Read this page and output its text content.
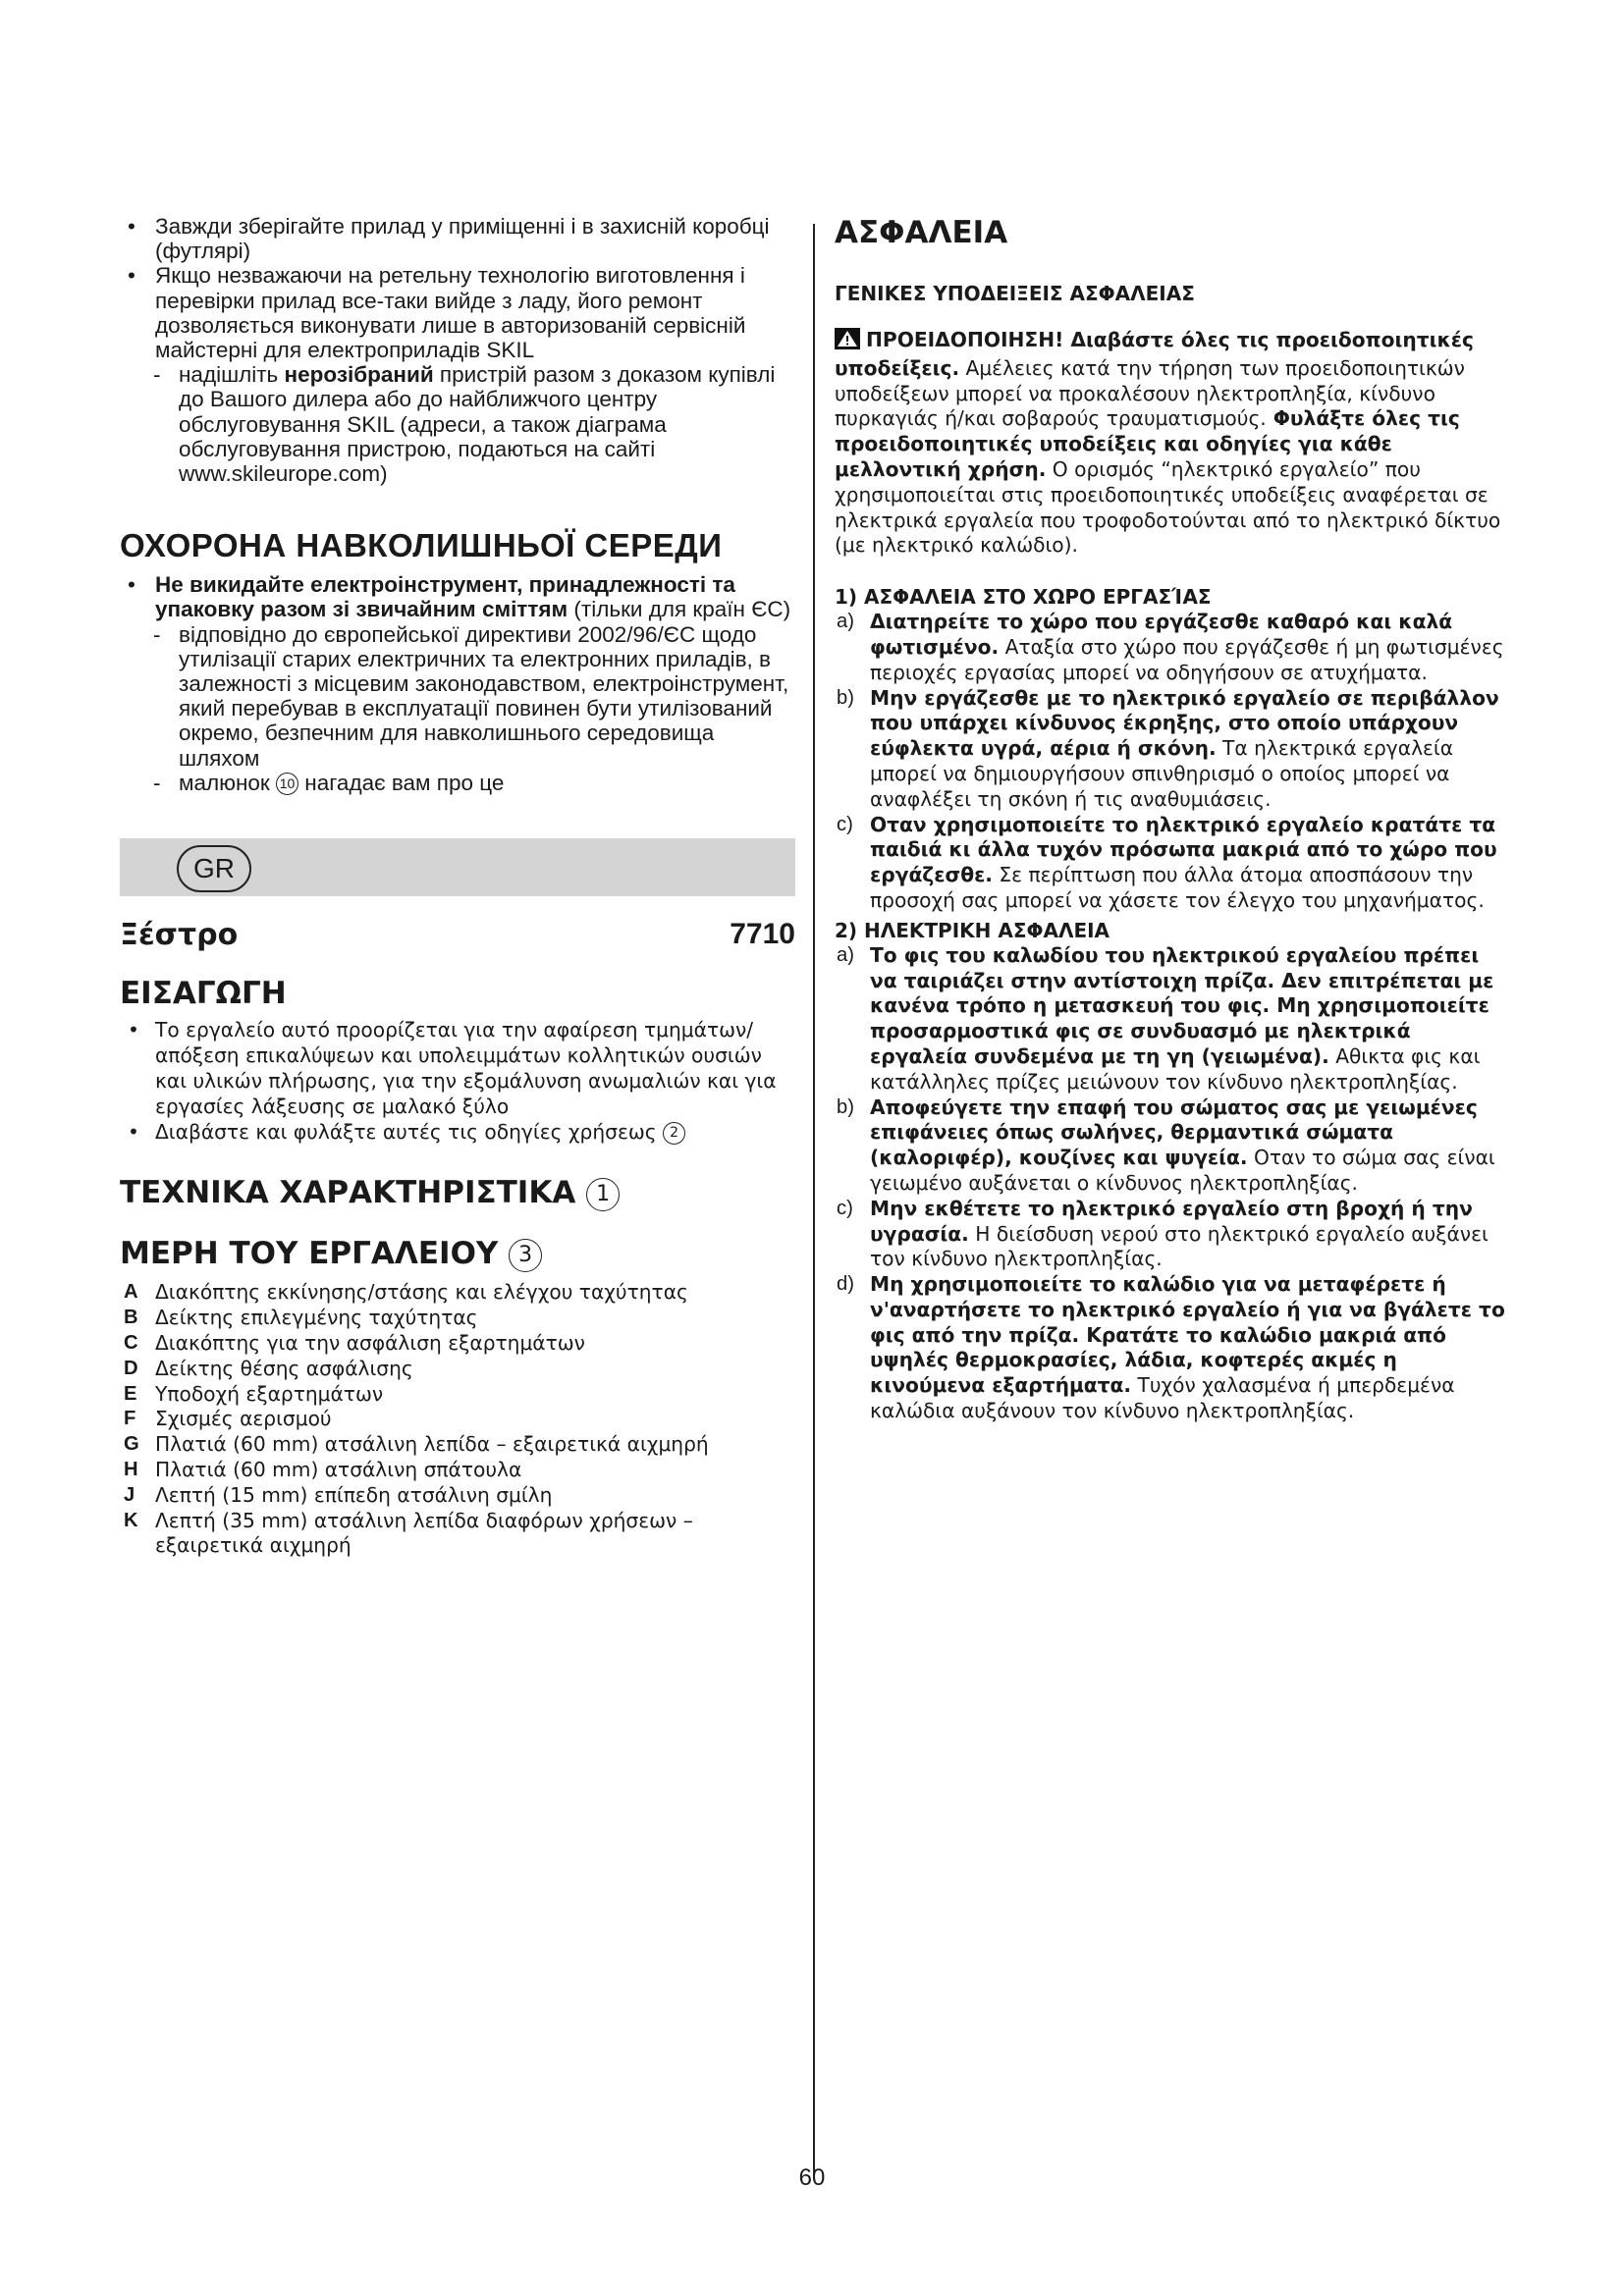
• Завжди зберігайте прилад у приміщенні і в захисній коробці (футлярі)
• Якщо незважаючи на ретельну технологію виготовлення і перевірки прилад все-таки вийде з ладу, його ремонт дозволяється виконувати лише в авторизованій сервісній майстерні для електроприладів SKIL
- надішліть нерозібраний пристрій разом з доказом купівлі до Вашого дилера або до найближчого центру обслуговування SKIL (адреси, а також діаграма обслуговування пристрою, подаються на сайті www.skileurope.com)
ОХОРОНА НАВКОЛИШНЬОЇ СЕРЕДИ
• Не викидайте електроінструмент, принадлежності та упаковку разом зі звичайним сміттям (тільки для країн ЄС)
- відповідно до європейської директиви 2002/96/ЄС щодо утилізації старих електричних та електронних приладів, в залежності з місцевим законодавством, електроінструмент, який перебував в експлуатації повинен бути утилізований окремо, безпечним для навколишнього середовища шляхом
- малюнок 10 нагадає вам про це
GR
Ξέστρο	7710
ΕΙΣΑΓΩΓΗ
• Το εργαλείο αυτό προορίζεται για την αφαίρεση τμημάτων/απόξεση επικαλύψεων και υπολειμμάτων κολλητικών ουσιών και υλικών πλήρωσης, για την εξομάλυνση ανωμαλιών και για εργασίες λάξευσης σε μαλακό ξύλο
• Διαβάστε και φυλάξτε αυτές τις οδηγίες χρήσεως 2
ΤΕΧΝΙΚΑ ΧΑΡΑΚΤΗΡΙΣΤΙΚΑ 1
ΜΕΡΗ ΤΟΥ ΕΡΓΑΛΕΙΟΥ 3
A Διακόπτης εκκίνησης/στάσης και ελέγχου ταχύτητας
B Δείκτης επιλεγμένης ταχύτητας
C Διακόπτης για την ασφάλιση εξαρτημάτων
D Δείκτης θέσης ασφάλισης
E Υποδοχή εξαρτημάτων
F Σχισμές αερισμού
G Πλατιά (60 mm) ατσάλινη λεπίδα – εξαιρετικά αιχμηρή
H Πλατιά (60 mm) ατσάλινη σπάτουλα
J Λεπτή (15 mm) επίπεδη ατσάλινη σμίλη
K Λεπτή (35 mm) ατσάλινη λεπίδα διαφόρων χρήσεων – εξαιρετικά αιχμηρή
ΑΣΦΑΛΕΙΑ
ΓΕΝΙΚΕΣ ΥΠΟΔΕΙΞΕΙΣ ΑΣΦΑΛΕΙΑΣ

ΠΡΟΕΙΔΟΠΟΙΗΣΗ! Διαβάστε όλες τις προειδοποιητικές υποδείξεις. Αμέλειες κατά την τήρηση των προειδοποιητικών υποδείξεων μπορεί να προκαλέσουν ηλεκτροπληξία, κίνδυνο πυρκαγιάς ή/και σοβαρούς τραυματισμούς. Φυλάξτε όλες τις προειδοποιητικές υποδείξεις και οδηγίες για κάθε μελλοντική χρήση. Ο ορισμός “ηλεκτρικό εργαλείο” που χρησιμοποιείται στις προειδοποιητικές υποδείξεις αναφέρεται σε ηλεκτρικά εργαλεία που τροφοδοτούνται από το ηλεκτρικό δίκτυο (με ηλεκτρικό καλώδιο).

1) ΑΣΦΑΛΕΙΑ ΣΤΟ ΧΩΡΟ ΕΡΓΑΣΊΑΣ
a) Διατηρείτε το χώρο που εργάζεσθε καθαρό και καλά φωτισμένο. Αταξία στο χώρο που εργάζεσθε ή μη φωτισμένες περιοχές εργασίας μπορεί να οδηγήσουν σε ατυχήματα.
b) Μην εργάζεσθε με το ηλεκτρικό εργαλείο σε περιβάλλον που υπάρχει κίνδυνος έκρηξης, στο οποίο υπάρχουν εύφλεκτα υγρά, αέρια ή σκόνη. Τα ηλεκτρικά εργαλεία μπορεί να δημιουργήσουν σπινθηρισμό ο οποίος μπορεί να αναφλέξει τη σκόνη ή τις αναθυμιάσεις.
c) Οταν χρησιμοποιείτε το ηλεκτρικό εργαλείο κρατάτε τα παιδιά κι άλλα τυχόν πρόσωπα μακριά από το χώρο που εργάζεσθε. Σε περίπτωση που άλλα άτομα αποσπάσουν την προσοχή σας μπορεί να χάσετε τον έλεγχο του μηχανήματος.
2) ΗΛΕΚΤΡΙΚΗ ΑΣΦΑΛΕΙΑ
a) Το φις του καλωδίου του ηλεκτρικού εργαλείου πρέπει να ταιριάζει στην αντίστοιχη πρίζα. Δεν επιτρέπεται με κανένα τρόπο η μετασκευή του φις. Μη χρησιμοποιείτε προσαρμοστικά φις σε συνδυασμό με ηλεκτρικά εργαλεία συνδεμένα με τη γη (γειωμένα). Αθικτα φις και κατάλληλες πρίζες μειώνουν τον κίνδυνο ηλεκτροπληξίας.
b) Αποφεύγετε την επαφή του σώματος σας με γειωμένες επιφάνειες όπως σωλήνες, θερμαντικά σώματα (καλοριφέρ), κουζίνες και ψυγεία. Οταν το σώμα σας είναι γειωμένο αυξάνεται ο κίνδυνος ηλεκτροπληξίας.
c) Μην εκθέτετε το ηλεκτρικό εργαλείο στη βροχή ή την υγρασία. Η διείσδυση νερού στο ηλεκτρικό εργαλείο αυξάνει τον κίνδυνο ηλεκτροπληξίας.
d) Μη χρησιμοποιείτε το καλώδιο για να μεταφέρετε ή ν'αναρτήσετε το ηλεκτρικό εργαλείο ή για να βγάλετε το φις από την πρίζα. Κρατάτε το καλώδιο μακριά από υψηλές θερμοκρασίες, λάδια, κοφτερές ακμές η κινούμενα εξαρτήματα. Τυχόν χαλασμένα ή μπερδεμένα καλώδια αυξάνουν τον κίνδυνο ηλεκτροπληξίας.
60
